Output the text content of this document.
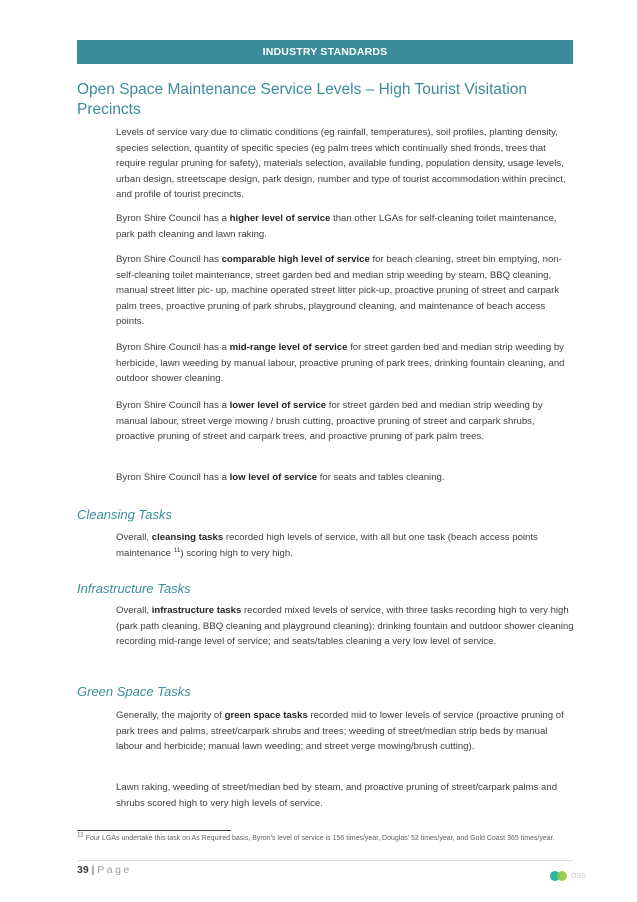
INDUSTRY STANDARDS
Open Space Maintenance Service Levels – High Tourist Visitation Precincts

Levels of service vary due to climatic conditions (eg rainfall, temperatures), soil profiles, planting density, species selection, quantity of specific species (eg palm trees which continually shed fronds, trees that require regular pruning for safety), materials selection, available funding, population density, usage levels, urban design, streetscape design, park design, number and type of tourist accommodation within precinct, and profile of tourist precincts.

Byron Shire Council has a higher level of service than other LGAs for self-cleaning toilet maintenance, park path cleaning and lawn raking.

Byron Shire Council has comparable high level of service for beach cleaning, street bin emptying, non-self-cleaning toilet maintenance, street garden bed and median strip weeding by steam, BBQ cleaning, manual street litter pic- up, machine operated street litter pick-up, proactive pruning of street and carpark palm trees, proactive pruning of park shrubs, playground cleaning, and maintenance of beach access points.

Byron Shire Council has a mid-range level of service for street garden bed and median strip weeding by herbicide, lawn weeding by manual labour, proactive pruning of park trees, drinking fountain cleaning, and outdoor shower cleaning.

Byron Shire Council has a lower level of service for street garden bed and median strip weeding by manual labour, street verge mowing / brush cutting, proactive pruning of street and carpark shrubs, proactive pruning of street and carpark trees, and proactive pruning of park palm trees.

Byron Shire Council has a low level of service for seats and tables cleaning.

Cleansing Tasks

Overall, cleansing tasks recorded high levels of service, with all but one task (beach access points maintenance $^{11}$) scoring high to very high.

Infrastructure Tasks

Overall, infrastructure tasks recorded mixed levels of service, with three tasks recording high to very high (park path cleaning, BBQ cleaning and playground cleaning); drinking fountain and outdoor shower cleaning recording mid-range level of service; and seats/tables cleaning a very low level of service.

Green Space Tasks

Generally, the majority of green space tasks recorded mid to lower levels of service (proactive pruning of park trees and palms, street/carpark shrubs and trees; weeding of street/median strip beds by manual labour and herbicide; manual lawn weeding; and street verge mowing/brush cutting).

Lawn raking, weeding of street/median bed by steam, and proactive pruning of street/carpark palms and shrubs scored high to very high levels of service.

$^{11}$ Four LGAs undertake this task on As Required basis, Byron’s level of service is 156 times/year, Douglas’ 52 times/year, and Gold Coast 365 times/year.

39 | Page	OSS
